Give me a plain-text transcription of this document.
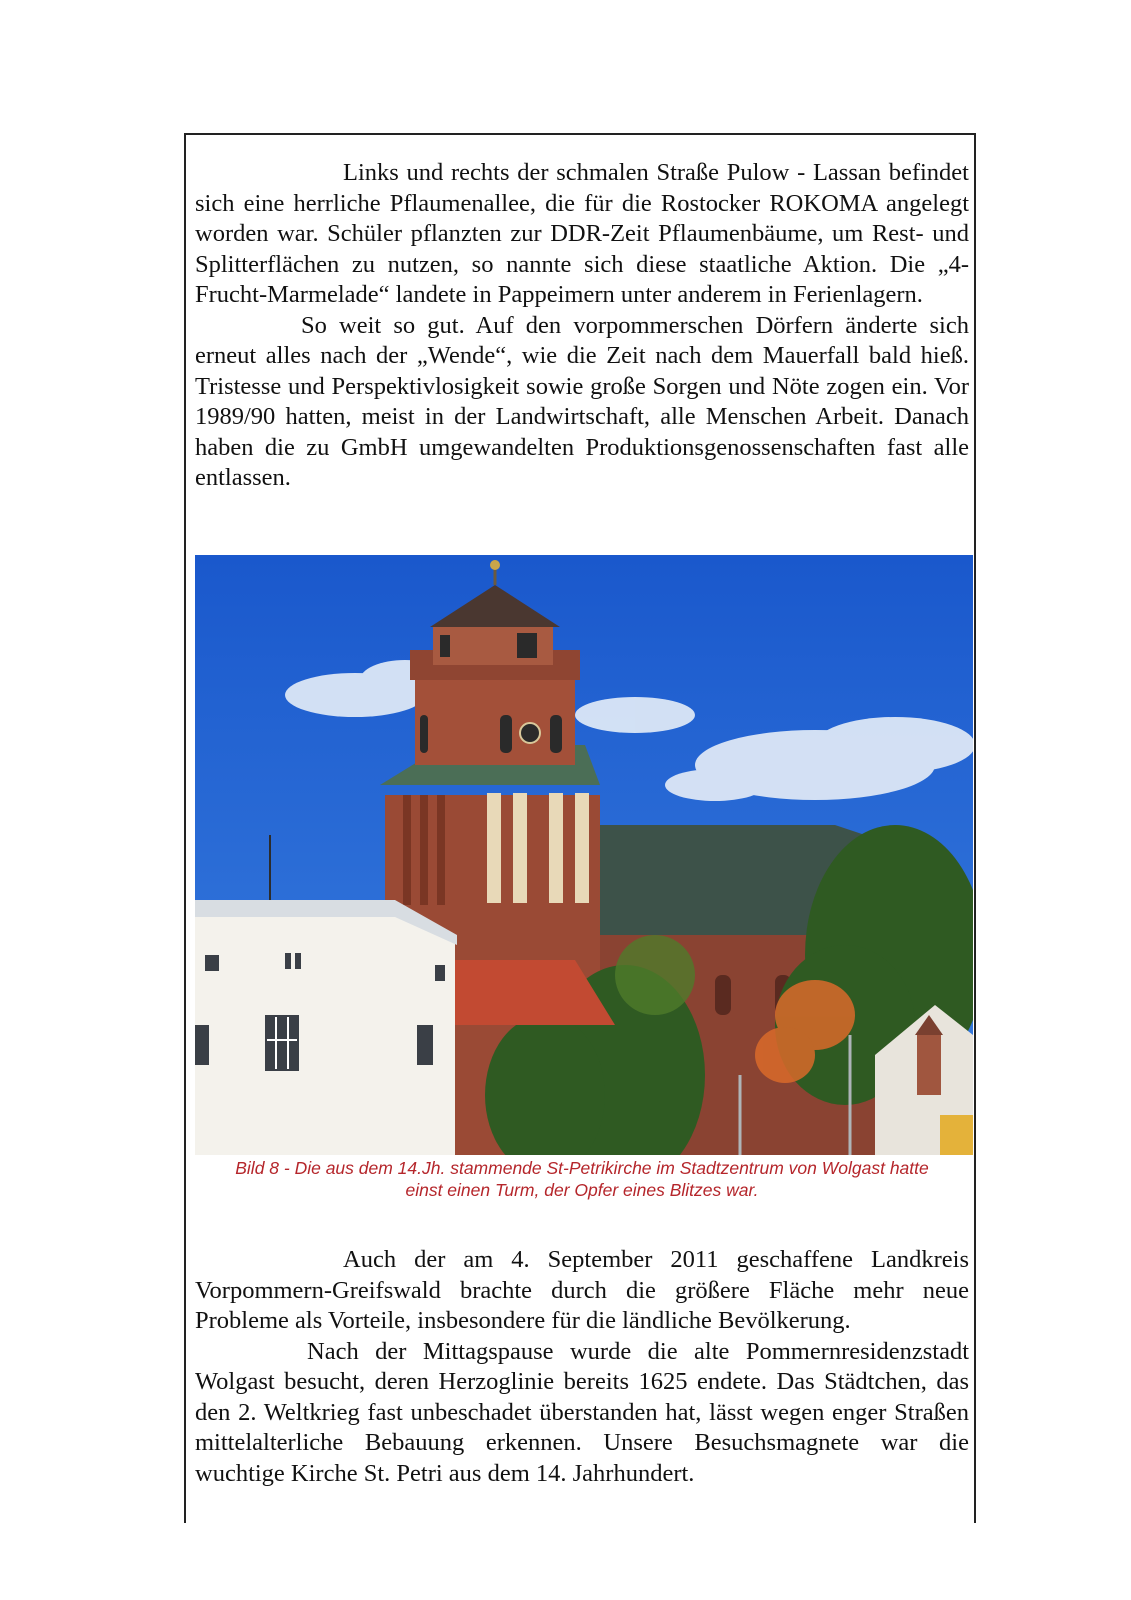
Links und rechts der schmalen Straße Pulow - Lassan befindet sich eine herrliche Pflaumenallee, die für die Rostocker ROKOMA angelegt worden war. Schüler pflanzten zur DDR-Zeit Pflaumenbäume, um Rest- und Splitterflächen zu nutzen, so nannte sich diese staatliche Aktion. Die „4-Frucht-Marmelade“ landete in Pappeimern unter anderem in Ferienlagern.

So weit so gut. Auf den vorpommerschen Dörfern änderte sich erneut alles nach der „Wende“, wie die Zeit nach dem Mauerfall bald hieß. Tristesse und Perspektivlosigkeit sowie große Sorgen und Nöte zogen ein. Vor 1989/90 hatten, meist in der Landwirtschaft, alle Menschen Arbeit. Danach haben die zu GmbH umgewandelten Produktionsgenossenschaften fast alle entlassen.

Bild 8 - Die aus dem 14.Jh. stammende St-Petrikirche im Stadtzentrum von Wolgast hatte
einst einen Turm, der Opfer eines Blitzes war.

Auch der am 4. September 2011 geschaffene Landkreis Vorpommern-Greifswald brachte durch die größere Fläche mehr neue Probleme als Vorteile, insbesondere für die ländliche Bevölkerung.

Nach der Mittagspause wurde die alte Pommernresidenzstadt Wolgast besucht, deren Herzoglinie bereits 1625 endete. Das Städtchen, das den 2. Weltkrieg fast unbeschadet überstanden hat, lässt wegen enger Straßen mittelalterliche Bebauung erkennen. Unsere Besuchsmagnete war die wuchtige Kirche St. Petri aus dem 14. Jahrhundert.
